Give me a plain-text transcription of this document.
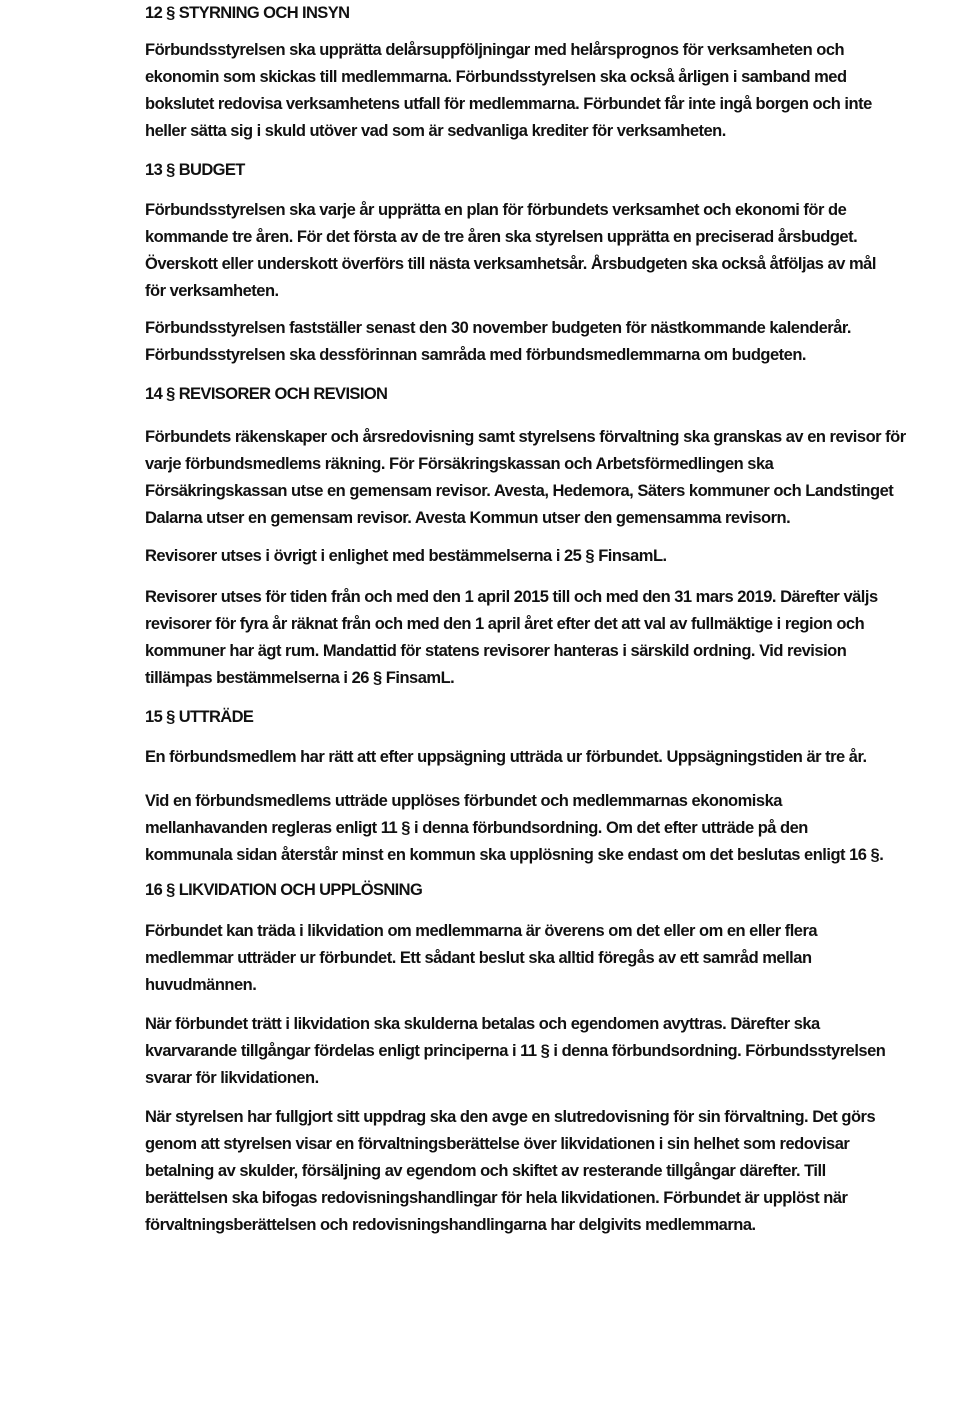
12 § STYRNING OCH INSYN

Förbundsstyrelsen ska upprätta delårsuppföljningar med helårsprognos för verksamheten och
ekonomin som skickas till medlemmarna. Förbundsstyrelsen ska också årligen i samband med
bokslutet redovisa verksamhetens utfall för medlemmarna. Förbundet får inte ingå borgen och inte
heller sätta sig i skuld utöver vad som är sedvanliga krediter för verksamheten.

13 § BUDGET

Förbundsstyrelsen ska varje år upprätta en plan för förbundets verksamhet och ekonomi för de
kommande tre åren. För det första av de tre åren ska styrelsen upprätta en preciserad årsbudget.
Överskott eller underskott överförs till nästa verksamhetsår. Årsbudgeten ska också åtföljas av mål
för verksamheten.

Förbundsstyrelsen fastställer senast den 30 november budgeten för nästkommande kalenderår.
Förbundsstyrelsen ska dessförinnan samråda med förbundsmedlemmarna om budgeten.

14 § REVISORER OCH REVISION

Förbundets räkenskaper och årsredovisning samt styrelsens förvaltning ska granskas av en revisor för
varje förbundsmedlems räkning. För Försäkringskassan och Arbetsförmedlingen ska
Försäkringskassan utse en gemensam revisor. Avesta, Hedemora, Säters kommuner och Landstinget
Dalarna utser en gemensam revisor. Avesta Kommun utser den gemensamma revisorn.

Revisorer utses i övrigt i enlighet med bestämmelserna i 25 § FinsamL.

Revisorer utses för tiden från och med den 1 april 2015 till och med den 31 mars 2019. Därefter väljs
revisorer för fyra år räknat från och med den 1 april året efter det att val av fullmäktige i region och
kommuner har ägt rum. Mandattid för statens revisorer hanteras i särskild ordning. Vid revision
tillämpas bestämmelserna i 26 § FinsamL.

15 § UTTRÄDE

En förbundsmedlem har rätt att efter uppsägning utträda ur förbundet. Uppsägningstiden är tre år.

Vid en förbundsmedlems utträde upplöses förbundet och medlemmarnas ekonomiska
mellanhavanden regleras enligt 11 § i denna förbundsordning. Om det efter utträde på den
kommunala sidan återstår minst en kommun ska upplösning ske endast om det beslutas enligt 16 §.

16 § LIKVIDATION OCH UPPLÖSNING

Förbundet kan träda i likvidation om medlemmarna är överens om det eller om en eller flera
medlemmar utträder ur förbundet. Ett sådant beslut ska alltid föregås av ett samråd mellan
huvudmännen.

När förbundet trätt i likvidation ska skulderna betalas och egendomen avyttras. Därefter ska
kvarvarande tillgångar fördelas enligt principerna i 11 § i denna förbundsordning. Förbundsstyrelsen
svarar för likvidationen.

När styrelsen har fullgjort sitt uppdrag ska den avge en slutredovisning för sin förvaltning. Det görs
genom att styrelsen visar en förvaltningsberättelse över likvidationen i sin helhet som redovisar
betalning av skulder, försäljning av egendom och skiftet av resterande tillgångar därefter. Till
berättelsen ska bifogas redovisningshandlingar för hela likvidationen. Förbundet är upplöst när
förvaltningsberättelsen och redovisningshandlingarna har delgivits medlemmarna.
